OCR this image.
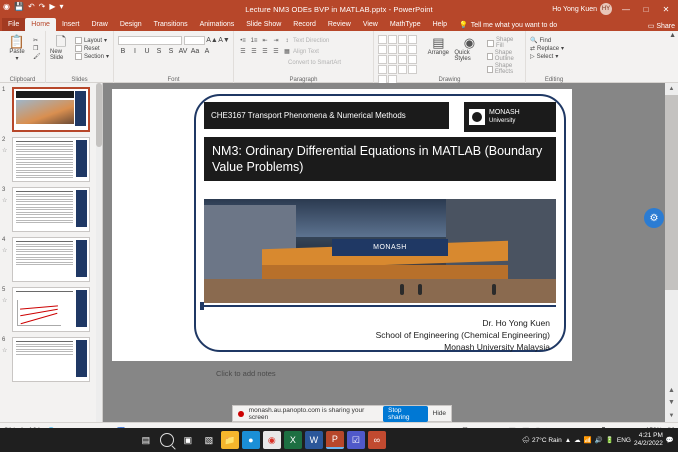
◉ 💾 ↶ ↷ ▶ ▾	Lecture NM3 ODEs BVP in MATLAB.pptx - PowerPoint	Ho Yong Kuen HY	—	□	✕
File	Home	Insert	Draw	Design	Transitions	Animations	Slide Show	Record	Review	View	MathType	Help	💡 Tell me what you want to do	▭ Share
📋
Paste
▾
✂
❐
🖌
Clipboard
🗋
New Slide
Layout ▾
Reset
Section ▾
Slides
A▲ A▼
B	I	U	S	S AV Aa A
Font
•≡ 1≡ ⇤ ⇥	↕ Text Direction
☰ ☰ ☰ ☰ ▦ Align Text
Convert to SmartArt
Paragraph
▤
Arrange
◉
Quick Styles
Shape Fill
Shape Outline
Shape Effects
Drawing
🔍 Find
⇄ Replace ▾
▷ Select ▾
Editing
▲
1
2
☆
3
☆
4
☆
5
☆
6
☆
CHE3167 Transport Phenomena & Numerical Methods	MONASH
University
NM3: Ordinary Differential Equations in MATLAB (Boundary Value Problems)
MONASH
Dr. Ho Yong Kuen
School of Engineering (Chemical Engineering)
Monash University Malaysia
Click to add notes
⚙
▲
▲
▼
▼
monash.au.panopto.com is sharing your screen
Stop sharing	Hide
▤	▣	▧	📁	●	◉	X	W	P	☑	∞	🌧 27°C Rain ▲ ☁ 📶 🔊 🔋 ENG
4:21 PM
24/2/2022 💬
